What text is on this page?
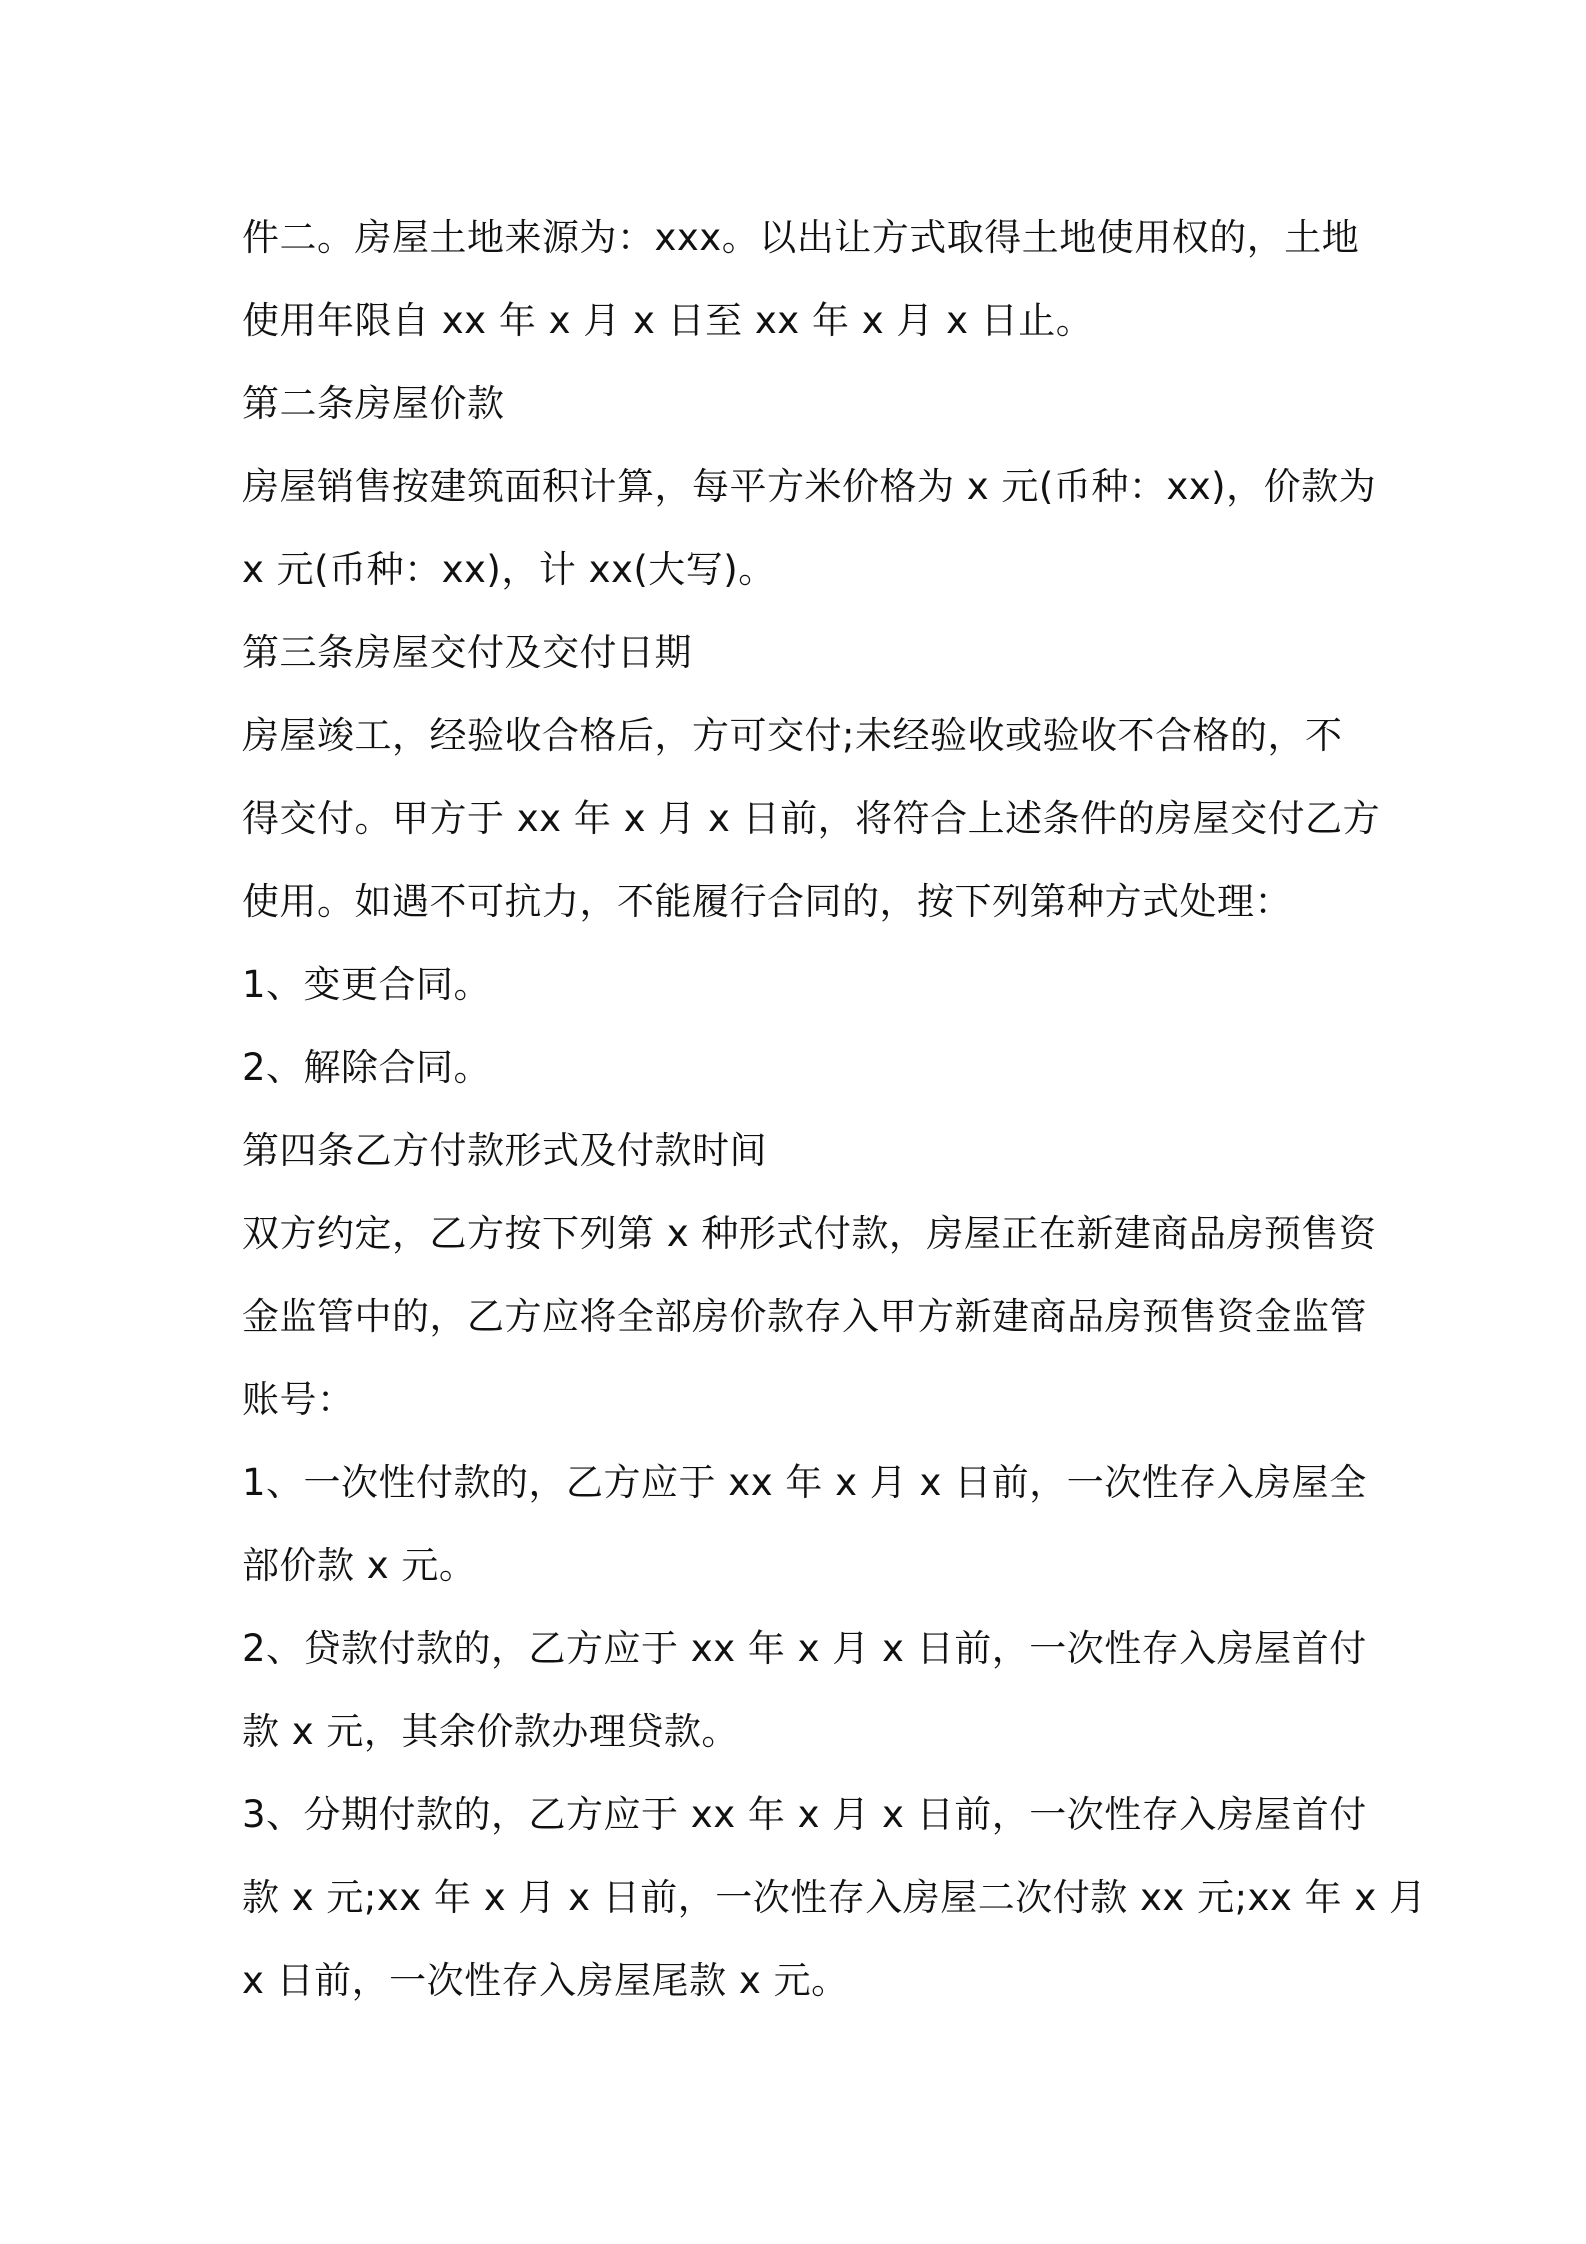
件二。房屋土地来源为：xxx。以出让方式取得土地使用权的，土地
使用年限自 xx 年 x 月 x 日至 xx 年 x 月 x 日止。
第二条房屋价款
房屋销售按建筑面积计算，每平方米价格为 x 元(币种：xx)，价款为
x 元(币种：xx)，计 xx(大写)。
第三条房屋交付及交付日期
房屋竣工，经验收合格后，方可交付;未经验收或验收不合格的，不
得交付。甲方于 xx 年 x 月 x 日前，将符合上述条件的房屋交付乙方
使用。如遇不可抗力，不能履行合同的，按下列第种方式处理：
1、变更合同。
2、解除合同。
第四条乙方付款形式及付款时间
双方约定，乙方按下列第 x 种形式付款，房屋正在新建商品房预售资
金监管中的，乙方应将全部房价款存入甲方新建商品房预售资金监管
账号：
1、一次性付款的，乙方应于 xx 年 x 月 x 日前，一次性存入房屋全
部价款 x 元。
2、贷款付款的，乙方应于 xx 年 x 月 x 日前，一次性存入房屋首付
款 x 元，其余价款办理贷款。
3、分期付款的，乙方应于 xx 年 x 月 x 日前，一次性存入房屋首付
款 x 元;xx 年 x 月 x 日前，一次性存入房屋二次付款 xx 元;xx 年 x 月
x 日前，一次性存入房屋尾款 x 元。
